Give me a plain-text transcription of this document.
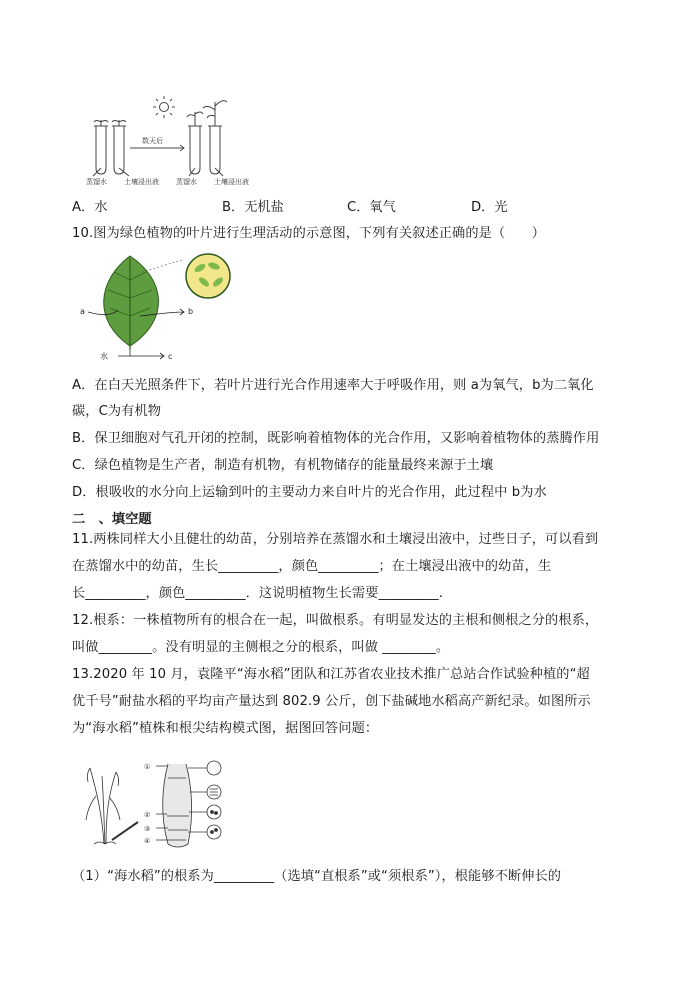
数天后
蒸馏水 土壤浸出液 蒸馏水 土壤浸出液
A．水	B．无机盐	C．氧气	D．光
10.图为绿色植物的叶片进行生理活动的示意图，下列有关叙述正确的是（　　）
a	b
c
水
A．在白天光照条件下，若叶片进行光合作用速率大于呼吸作用，则 a为氧气，b为二氧化
碳，C为有机物
B．保卫细胞对气孔开闭的控制，既影响着植物体的光合作用，又影响着植物体的蒸腾作用
C．绿色植物是生产者，制造有机物，有机物储存的能量最终来源于土壤
D．根吸收的水分向上运输到叶的主要动力来自叶片的光合作用，此过程中 b为水
二　、填空题
11.两株同样大小且健壮的幼苗，分别培养在蒸馏水和土壤浸出液中，过些日子，可以看到
在蒸馏水中的幼苗，生长_________，颜色_________；在土壤浸出液中的幼苗，生
长_________，颜色_________．这说明植物生长需要_________.
12.根系：一株植物所有的根合在一起，叫做根系。有明显发达的主根和侧根之分的根系，
叫做________。没有明显的主侧根之分的根系，叫做 ________。
13.2020 年 10 月，袁隆平“海水稻”团队和江苏省农业技术推广总站合作试验种植的“超
优千号”耐盐水稻的平均亩产量达到 802.9 公斤，创下盐碱地水稻高产新纪录。如图所示
为“海水稻”植株和根尖结构模式图，据图回答问题：
①
②
③
④
（1）“海水稻”的根系为_________（选填“直根系”或“须根系”），根能够不断伸长的
